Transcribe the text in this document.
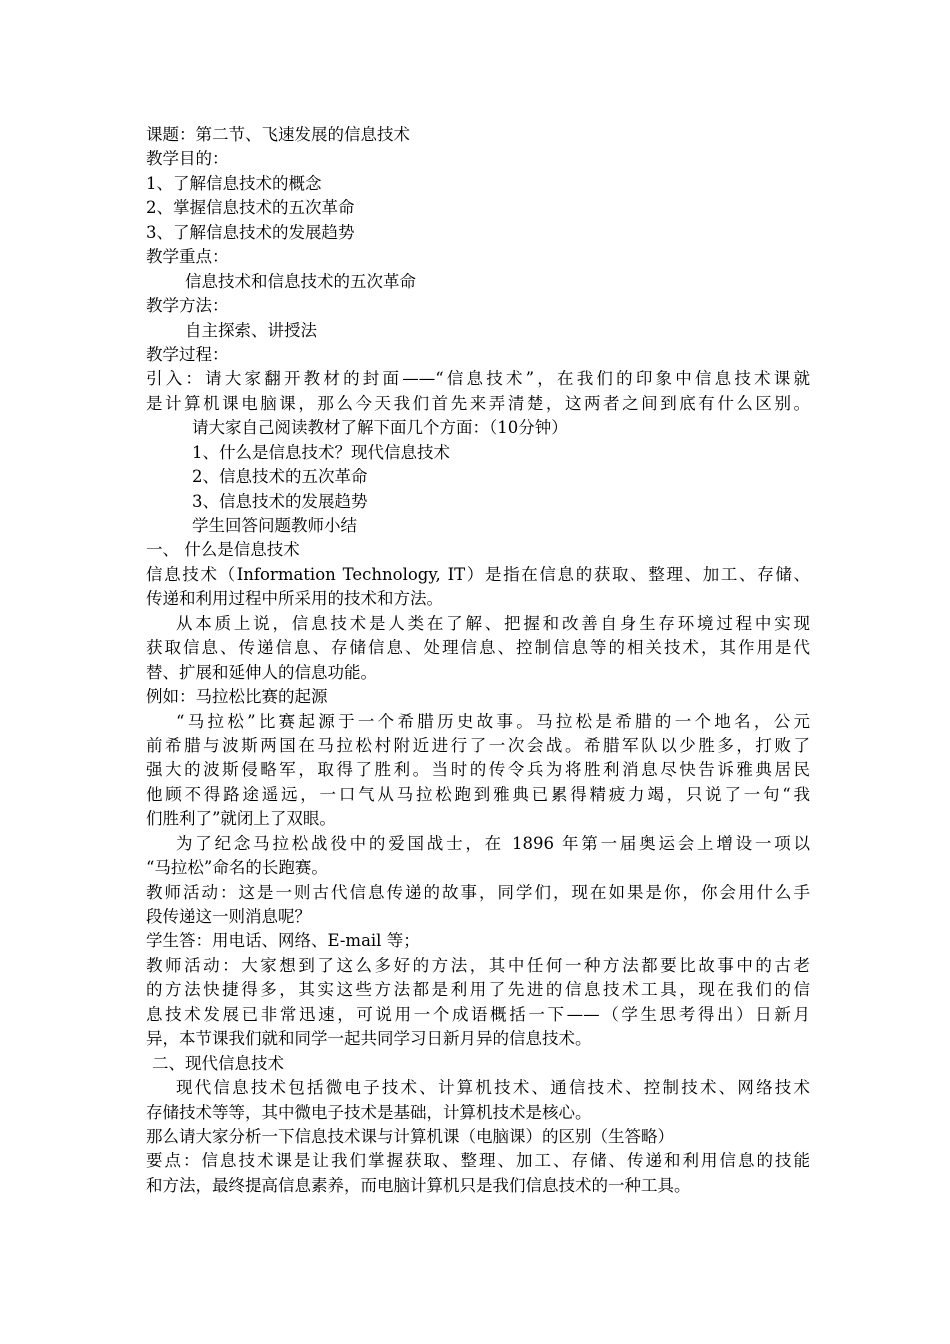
课题：第二节、飞速发展的信息技术
教学目的：
1、了解信息技术的概念
2、掌握信息技术的五次革命
3、了解信息技术的发展趋势
教学重点：
信息技术和信息技术的五次革命
教学方法：
自主探索、讲授法
教学过程：
引入：请大家翻开教材的封面——“信息技术”，在我们的印象中信息技术课就
是计算机课电脑课，那么今天我们首先来弄清楚，这两者之间到底有什么区别。
请大家自己阅读教材了解下面几个方面：（10分钟）
1、什么是信息技术？现代信息技术
2、信息技术的五次革命
3、信息技术的发展趋势
学生回答问题教师小结
一、 什么是信息技术
信息技术（Information Technology, IT）是指在信息的获取、整理、加工、存储、
传递和利用过程中所采用的技术和方法。
从本质上说，信息技术是人类在了解、把握和改善自身生存环境过程中实现
获取信息、传递信息、存储信息、处理信息、控制信息等的相关技术，其作用是代
替、扩展和延伸人的信息功能。
例如：马拉松比赛的起源
“马拉松”比赛起源于一个希腊历史故事。马拉松是希腊的一个地名，公元
前希腊与波斯两国在马拉松村附近进行了一次会战。希腊军队以少胜多，打败了
强大的波斯侵略军，取得了胜利。当时的传令兵为将胜利消息尽快告诉雅典居民
他顾不得路途遥远，一口气从马拉松跑到雅典已累得精疲力竭，只说了一句“我
们胜利了”就闭上了双眼。
为了纪念马拉松战役中的爱国战士，在 1896 年第一届奥运会上增设一项以
“马拉松”命名的长跑赛。
教师活动：这是一则古代信息传递的故事，同学们，现在如果是你，你会用什么手
段传递这一则消息呢？
学生答：用电话、网络、E-mail 等；
教师活动：大家想到了这么多好的方法，其中任何一种方法都要比故事中的古老
的方法快捷得多，其实这些方法都是利用了先进的信息技术工具，现在我们的信
息技术发展已非常迅速，可说用一个成语概括一下——（学生思考得出）日新月
异，本节课我们就和同学一起共同学习日新月异的信息技术。
二、现代信息技术
现代信息技术包括微电子技术、计算机技术、通信技术、控制技术、网络技术
存储技术等等，其中微电子技术是基础，计算机技术是核心。
那么请大家分析一下信息技术课与计算机课（电脑课）的区别（生答略）
要点：信息技术课是让我们掌握获取、整理、加工、存储、传递和利用信息的技能
和方法，最终提高信息素养，而电脑计算机只是我们信息技术的一种工具。
